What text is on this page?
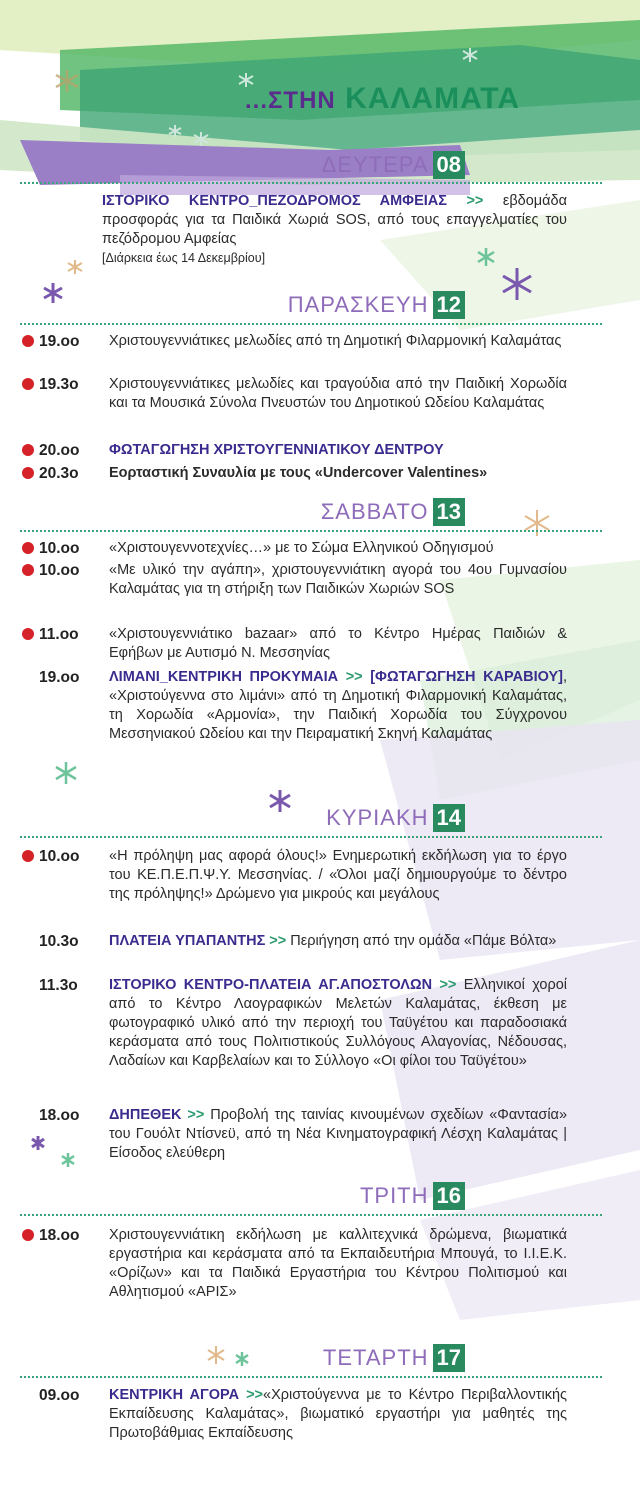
...ΣΤΗΝ ΚΑΛΑΜΑΤΑ
ΔΕΥΤΕΡΑ 08
ΙΣΤΟΡΙΚΟ ΚΕΝΤΡΟ_ΠΕΖΟΔΡΟΜΟΣ ΑΜΦΕΙΑΣ >> εβδομάδα προσφοράς για τα Παιδικά Χωριά SOS, από τους επαγγελματίες του πεζόδρομου Αμφείας
[Διάρκεια έως 14 Δεκεμβρίου]
ΠΑΡΑΣΚΕΥΗ 12
19.οο Χριστουγεννιάτικες μελωδίες από τη Δημοτική Φιλαρμονική Καλαμάτας
19.3ο Χριστουγεννιάτικες μελωδίες και τραγούδια από την Παιδική Χορωδία και τα Μουσικά Σύνολα Πνευστών του Δημοτικού Ωδείου Καλαμάτας
20.οο ΦΩΤΑΓΩΓΗΣΗ ΧΡΙΣΤΟΥΓΕΝΝΙΑΤΙΚΟΥ ΔΕΝΤΡΟΥ
20.3ο Εορταστική Συναυλία με τους «Undercover Valentines»
ΣΑΒΒΑΤΟ 13
10.οο «Χριστουγεννοτεχνίες…» με το Σώμα Ελληνικού Οδηγισμού
10.οο «Με υλικό την αγάπη», χριστουγεννιάτικη αγορά του 4ου Γυμνασίου Καλαμάτας για τη στήριξη των Παιδικών Χωριών SOS
11.οο «Χριστουγεννιάτικο bazaar» από το Κέντρο Ημέρας Παιδιών & Εφήβων με Αυτισμό Ν. Μεσσηνίας
19.οο ΛΙΜΑΝΙ_ΚΕΝΤΡΙΚΗ ΠΡΟΚΥΜΑΙΑ >> [ΦΩΤΑΓΩΓΗΣΗ ΚΑΡΑΒΙΟΥ], «Χριστούγεννα στο λιμάνι» από τη Δημοτική Φιλαρμονική Καλαμάτας, τη Χορωδία «Αρμονία», την Παιδική Χορωδία του Σύγχρονου Μεσσηνιακού Ωδείου και την Πειραματική Σκηνή Καλαμάτας
ΚΥΡΙΑΚΗ 14
10.οο «Η πρόληψη μας αφορά όλους!» Ενημερωτική εκδήλωση για το έργο του ΚΕ.Π.Ε.Π.Ψ.Υ. Μεσσηνίας. / «Όλοι μαζί δημιουργούμε το δέντρο της πρόληψης!» Δρώμενο για μικρούς και μεγάλους
10.3ο ΠΛΑΤΕΙΑ ΥΠΑΠΑΝΤΗΣ >> Περιήγηση από την ομάδα «Πάμε Βόλτα»
11.3ο ΙΣΤΟΡΙΚΟ ΚΕΝΤΡΟ-ΠΛΑΤΕΙΑ ΑΓ.ΑΠΟΣΤΟΛΩΝ >> Ελληνικοί χοροί από το Κέντρο Λαογραφικών Μελετών Καλαμάτας, έκθεση με φωτογραφικό υλικό από την περιοχή του Ταϋγέτου και παραδοσιακά κεράσματα από τους Πολιτιστικούς Συλλόγους Αλαγονίας, Νέδουσας, Λαδαίων και Καρβελαίων και το Σύλλογο «Οι φίλοι του Ταϋγέτου»
18.οο ΔΗΠΕΘΕΚ >> Προβολή της ταινίας κινουμένων σχεδίων «Φαντασία» του Γουόλτ Ντίσνεϋ, από τη Νέα Κινηματογραφική Λέσχη Καλαμάτας | Είσοδος ελεύθερη
ΤΡΙΤΗ 16
18.οο Χριστουγεννιάτικη εκδήλωση με καλλιτεχνικά δρώμενα, βιωματικά εργαστήρια και κεράσματα από τα Εκπαιδευτήρια Μπουγά, το Ι.Ι.Ε.Κ. «Ορίζων» και τα Παιδικά Εργαστήρια του Κέντρου Πολιτισμού και Αθλητισμού «ΑΡΙΣ»
ΤΕΤΑΡΤΗ 17
09.οο ΚΕΝΤΡΙΚΗ ΑΓΟΡΑ >>«Χριστούγεννα με το Κέντρο Περιβαλλοντικής Εκπαίδευσης Καλαμάτας», βιωματικό εργαστήρι για μαθητές της Πρωτοβάθμιας Εκπαίδευσης
